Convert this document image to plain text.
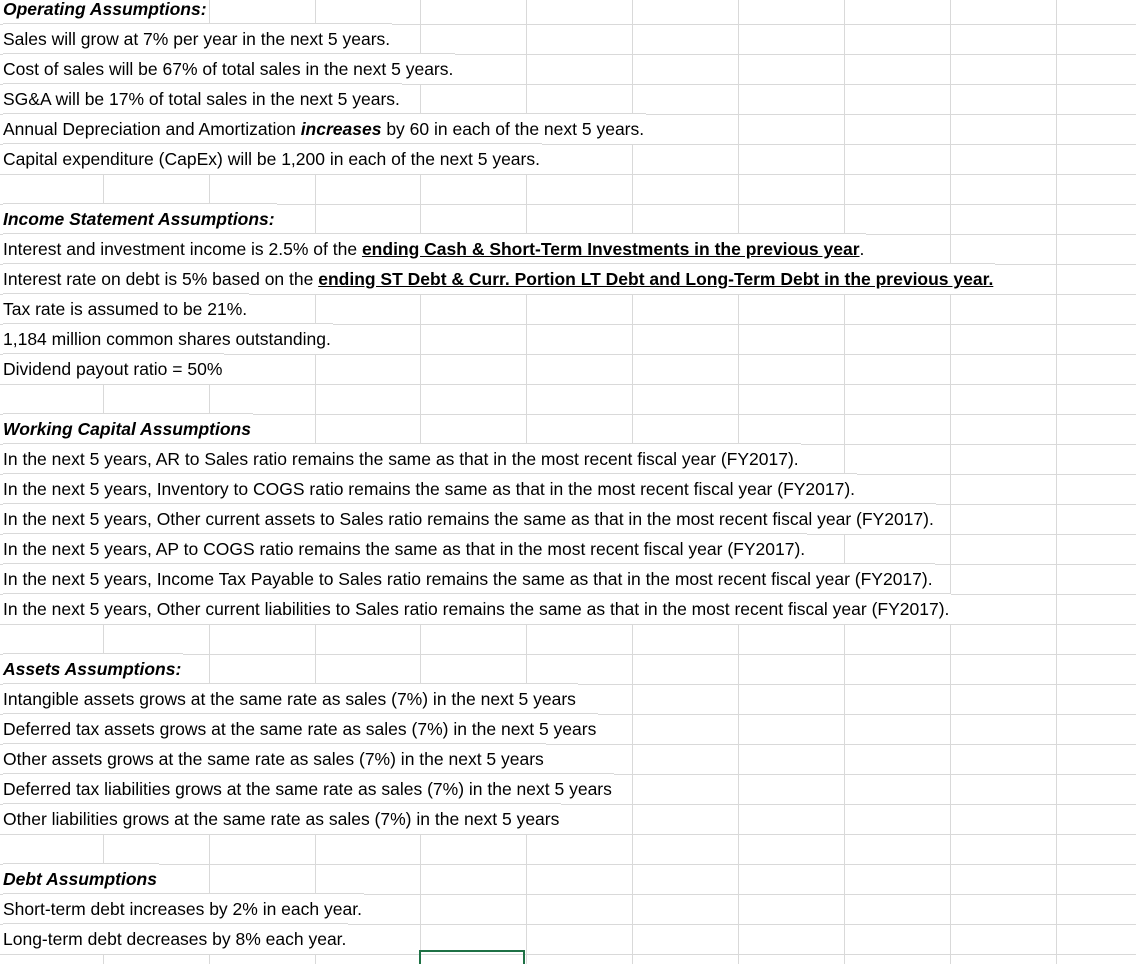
Operating Assumptions:
Sales will grow at 7% per year in the next 5 years.
Cost of sales will be 67% of total sales in the next 5 years.
SG&A will be 17% of total sales in the next 5 years.
Annual Depreciation and Amortization increases by 60 in each of the next 5 years.
Capital expenditure (CapEx) will be 1,200 in each of the next 5 years.
Income Statement Assumptions:
Interest and investment income is 2.5% of the ending Cash & Short-Term Investments in the previous year.
Interest rate on debt is 5% based on the ending ST Debt & Curr. Portion LT Debt and Long-Term Debt in the previous year.
Tax rate is assumed to be 21%.
1,184 million common shares outstanding.
Dividend payout ratio = 50%
Working Capital Assumptions
In the next 5 years, AR to Sales ratio remains the same as that in the most recent fiscal year (FY2017).
In the next 5 years, Inventory to COGS ratio remains the same as that in the most recent fiscal year (FY2017).
In the next 5 years, Other current assets to Sales ratio remains the same as that in the most recent fiscal year (FY2017).
In the next 5 years, AP to COGS ratio remains the same as that in the most recent fiscal year (FY2017).
In the next 5 years, Income Tax Payable to Sales ratio remains the same as that in the most recent fiscal year (FY2017).
In the next 5 years, Other current liabilities to Sales ratio remains the same as that in the most recent fiscal year (FY2017).
Assets Assumptions:
Intangible assets grows at the same rate as sales (7%) in the next 5 years
Deferred tax assets grows at the same rate as sales (7%) in the next 5 years
Other assets grows at the same rate as sales (7%) in the next 5 years
Deferred tax liabilities grows at the same rate as sales (7%) in the next 5 years
Other liabilities grows at the same rate as sales (7%) in the next 5 years
Debt Assumptions
Short-term debt increases by 2% in each year.
Long-term debt decreases by 8% each year.
